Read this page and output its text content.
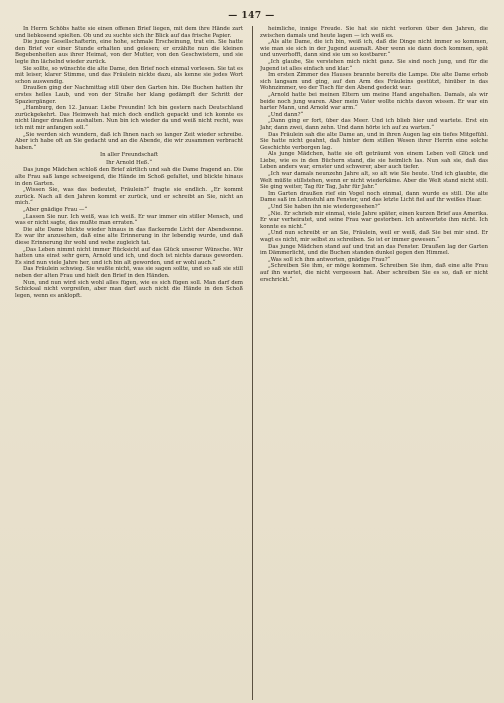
— 147 —

In Herrn Schöbs hatte sie einen offenen Brief liegen, mit dem ihre Hände zart und liebkosend spielten. Ob und zu suchte sich ihr Blick auf das frische Papier.

Die junge Gesellschafterin, eine hohe, schmale Erscheinung, trat ein. Sie hatte den Brief vor einer Stunde erhalten und gelesen; er erzählte nun die kleinen Begebenheiten aus ihrer Heimat, von der Mutter, von den Geschwistern, und sie legte ihn lächelnd wieder zurück.

Sie sollte, so wünschte die alte Dame, den Brief noch einmal vorlesen. Sie tat es mit leiser, klarer Stimme, und das Fräulein nickte dazu, als kenne sie jedes Wort schon auswendig.

Draußen ging der Nachmittag still über den Garten hin. Die Buchen hatten ihr erstes helles Laub, und von der Straße her klang gedämpft der Schritt der Spaziergänger.

„Hamburg, den 12. Januar. Liebe Freundin! Ich bin gestern nach Deutschland zurückgekehrt. Das Heimweh hat mich doch endlich gepackt und ich konnte es nicht länger draußen aushalten. Nun bin ich wieder da und weiß nicht recht, was ich mit mir anfangen soll.“

„Sie werden sich wundern, daß ich Ihnen nach so langer Zeit wieder schreibe. Aber ich habe oft an Sie gedacht und an die Abende, die wir zusammen verbracht haben.“

In aller Freundschaft

Ihr Arnold Heß.“

Das junge Mädchen schloß den Brief zärtlich und sah die Dame fragend an. Die alte Frau saß lange schweigend, die Hände im Schoß gefaltet, und blickte hinaus in den Garten.

„Wissen Sie, was das bedeutet, Fräulein?“ fragte sie endlich. „Er kommt zurück. Nach all den Jahren kommt er zurück, und er schreibt an Sie, nicht an mich.“

„Aber gnädige Frau —“

„Lassen Sie nur. Ich weiß, was ich weiß. Er war immer ein stiller Mensch, und was er nicht sagte, das mußte man erraten.“

Die alte Dame blickte wieder hinaus in das flackernde Licht der Abendsonne. Es war ihr anzusehen, daß eine alte Erinnerung in ihr lebendig wurde, und daß diese Erinnerung ihr wohl und wehe zugleich tat.

„Das Leben nimmt nicht immer Rücksicht auf das Glück unserer Wünsche. Wir hatten uns einst sehr gern, Arnold und ich, und doch ist nichts daraus geworden. Es sind nun viele Jahre her, und ich bin alt geworden, und er wohl auch.“

Das Fräulein schwieg. Sie wußte nicht, was sie sagen sollte, und so saß sie still neben der alten Frau und hielt den Brief in den Händen.

Nun, und nun wird sich wohl alles fügen, wie es sich fügen soll. Man darf dem Schicksal nicht vorgreifen, aber man darf auch nicht die Hände in den Schoß legen, wenn es anklopft.

heimliche, innige Freude. Sie hat sie nicht verloren über den Jahren, die zwischen damals und heute lagen — ich weiß es.

„Als alte Dame, die ich bin, weiß ich, daß die Dinge nicht immer so kommen, wie man sie sich in der Jugend ausmalt. Aber wenn sie dann doch kommen, spät und unverhofft, dann sind sie um so kostbarer.“

„Ich glaube, Sie verstehen mich nicht ganz. Sie sind noch jung, und für die Jugend ist alles einfach und klar.“

Im ersten Zimmer des Hauses brannte bereits die Lampe. Die alte Dame erhob sich langsam und ging, auf den Arm des Fräuleins gestützt, hinüber in das Wohnzimmer, wo der Tisch für den Abend gedeckt war.

„Arnold hatte bei meinen Eltern um meine Hand angehalten. Damals, als wir beide noch jung waren. Aber mein Vater wollte nichts davon wissen. Er war ein harter Mann, und Arnold war arm.“

„Und dann?“

„Dann ging er fort, über das Meer. Und ich blieb hier und wartete. Erst ein Jahr, dann zwei, dann zehn. Und dann hörte ich auf zu warten.“

Das Fräulein sah die alte Dame an, und in ihren Augen lag ein tiefes Mitgefühl. Sie hatte nicht geahnt, daß hinter dem stillen Wesen ihrer Herrin eine solche Geschichte verborgen lag.

Als junge Mädchen, hatte sie oft geträumt von einem Leben voll Glück und Liebe, wie es in den Büchern stand, die sie heimlich las. Nun sah sie, daß das Leben anders war, ernster und schwerer, aber auch tiefer.

„Ich war damals neunzehn Jahre alt, so alt wie Sie heute. Und ich glaubte, die Welt müßte stillstehen, wenn er nicht wiederkäme. Aber die Welt stand nicht still. Sie ging weiter, Tag für Tag, Jahr für Jahr.“

Im Garten draußen rief ein Vogel noch einmal, dann wurde es still. Die alte Dame saß im Lehnstuhl am Fenster, und das letzte Licht fiel auf ihr weißes Haar.

„Und Sie haben ihn nie wiedergesehen?“

„Nie. Er schrieb mir einmal, viele Jahre später, einen kurzen Brief aus Amerika. Er war verheiratet, und seine Frau war gestorben. Ich antwortete ihm nicht. Ich konnte es nicht.“

„Und nun schreibt er an Sie, Fräulein, weil er weiß, daß Sie bei mir sind. Er wagt es nicht, mir selbst zu schreiben. So ist er immer gewesen.“

Das junge Mädchen stand auf und trat an das Fenster. Draußen lag der Garten im Dämmerlicht, und die Buchen standen dunkel gegen den Himmel.

„Was soll ich ihm antworten, gnädige Frau?“

„Schreiben Sie ihm, er möge kommen. Schreiben Sie ihm, daß eine alte Frau auf ihn wartet, die nicht vergessen hat. Aber schreiben Sie es so, daß er nicht erschrickt.“
